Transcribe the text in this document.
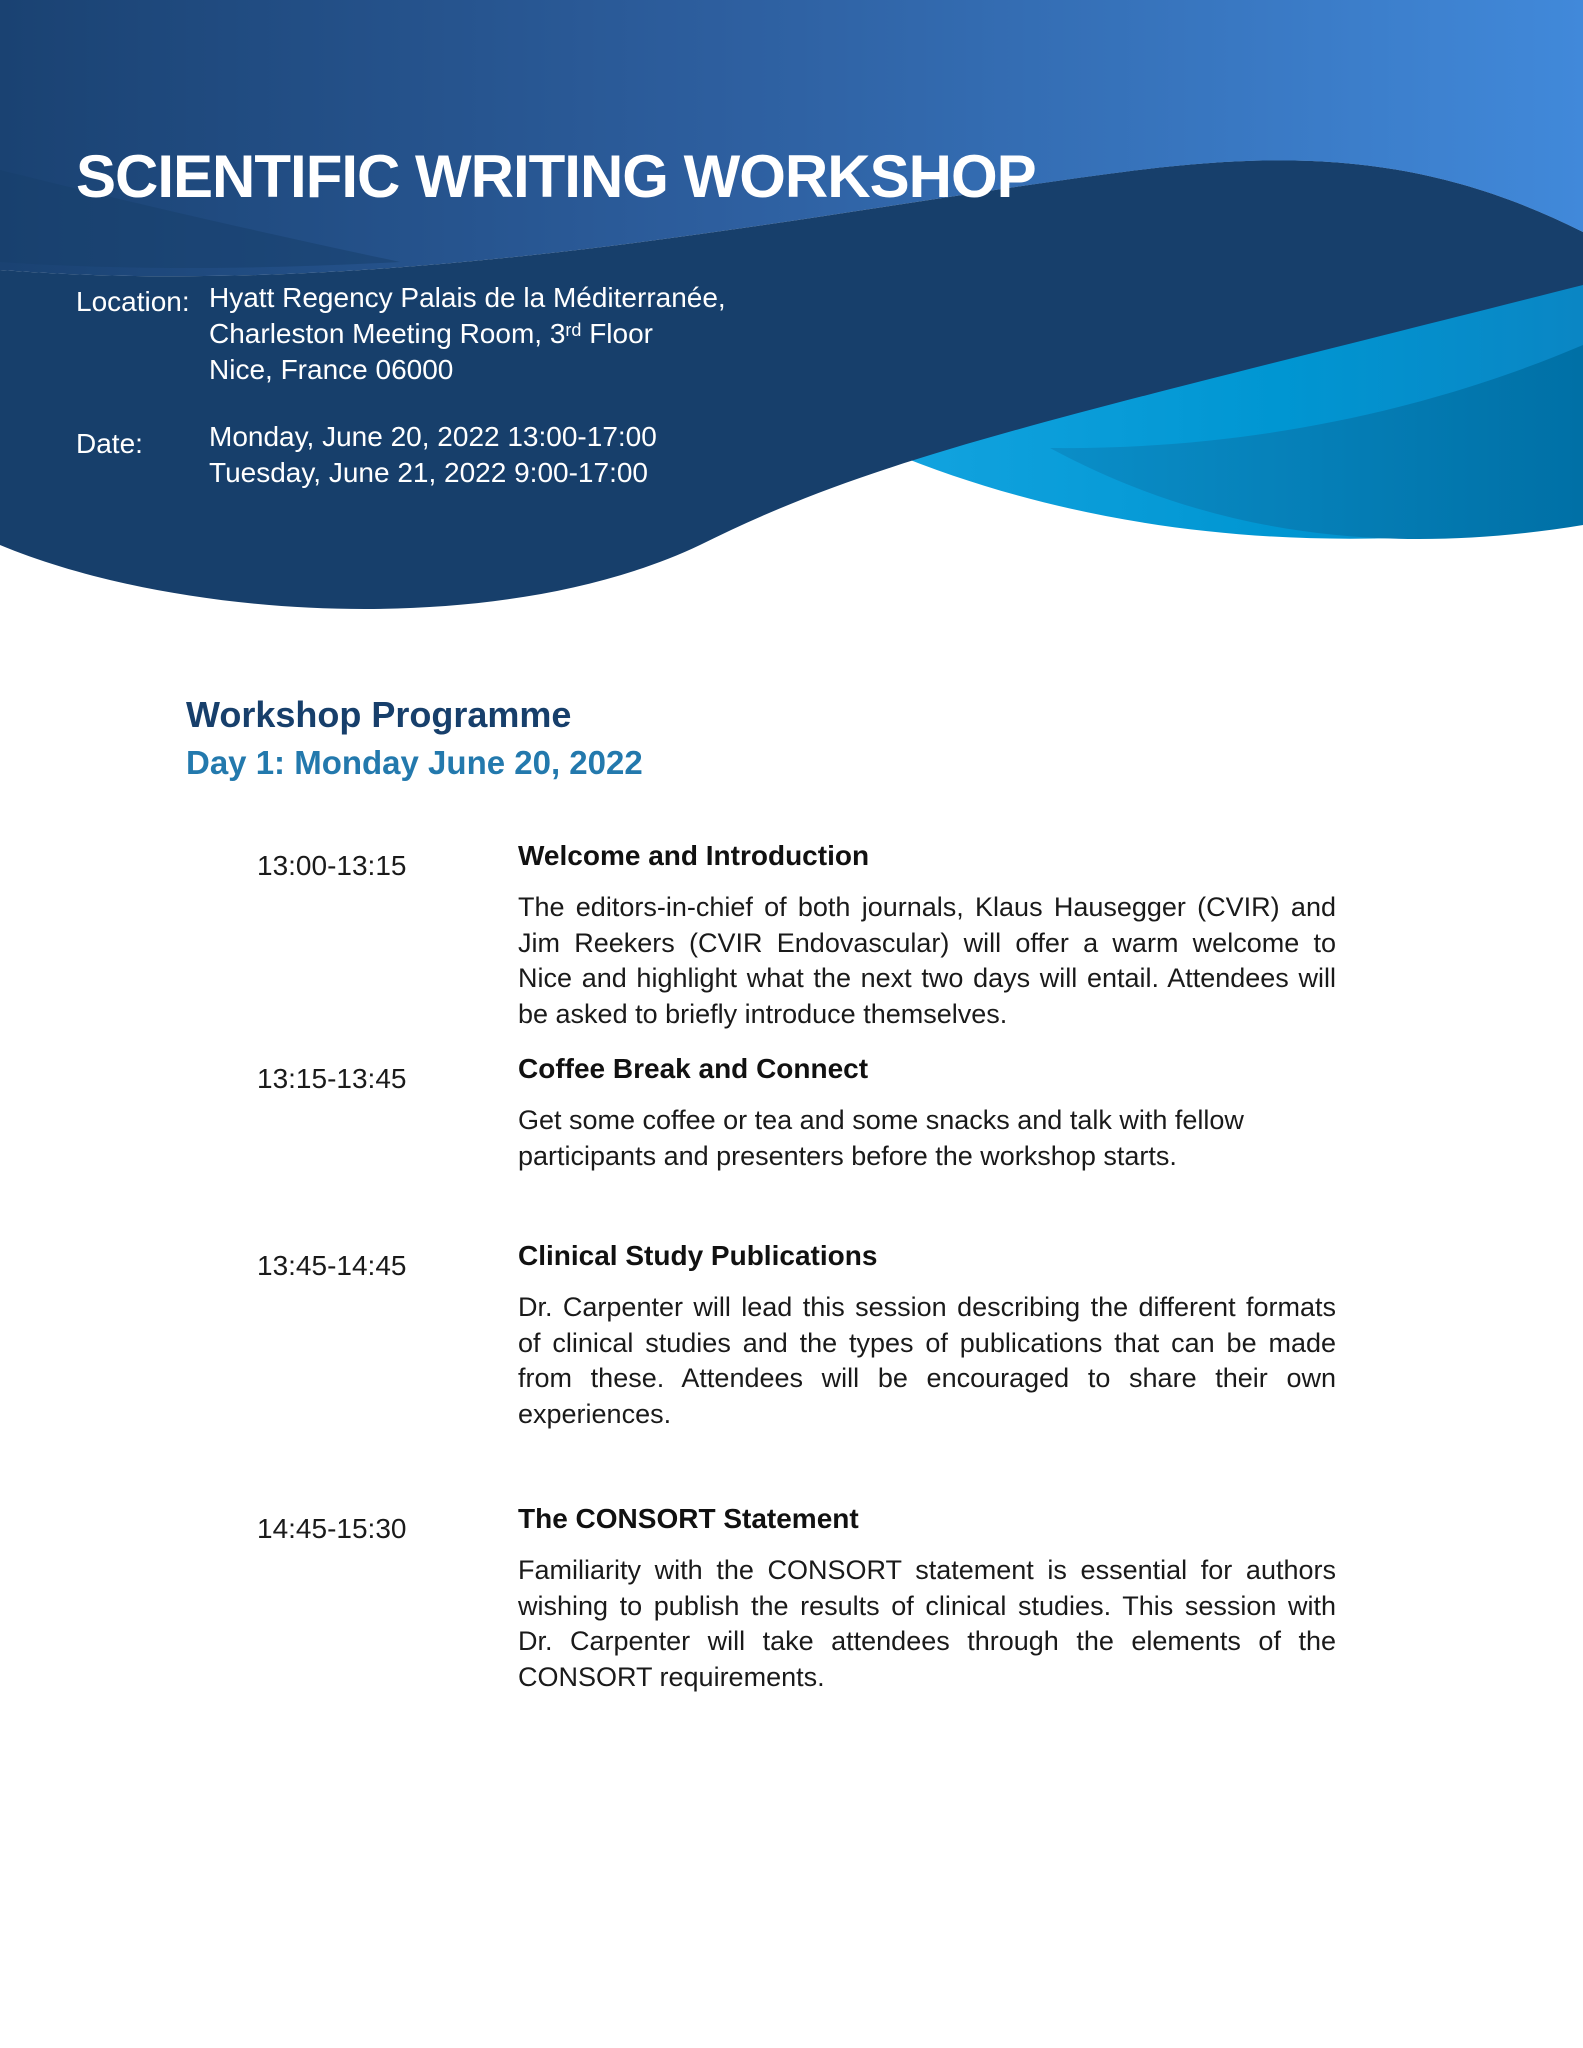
SCIENTIFIC WRITING WORKSHOP
Location: Hyatt Regency Palais de la Méditerranée,
Charleston Meeting Room, 3rd Floor
Nice, France 06000
Date: Monday, June 20, 2022 13:00-17:00
Tuesday, June 21, 2022 9:00-17:00
Workshop Programme
Day 1: Monday June 20, 2022
13:00-13:15	Welcome and Introduction

The editors-in-chief of both journals, Klaus Hausegger (CVIR) and Jim Reekers (CVIR Endovascular) will offer a warm welcome to Nice and highlight what the next two days will entail. Attendees will be asked to briefly introduce themselves.

13:15-13:45	Coffee Break and Connect

Get some coffee or tea and some snacks and talk with fellow participants and presenters before the workshop starts.

13:45-14:45	Clinical Study Publications

Dr. Carpenter will lead this session describing the different formats of clinical studies and the types of publications that can be made from these. Attendees will be encouraged to share their own experiences.

14:45-15:30	The CONSORT Statement

Familiarity with the CONSORT statement is essential for authors wishing to publish the results of clinical studies. This session with Dr. Carpenter will take attendees through the elements of the CONSORT requirements.
